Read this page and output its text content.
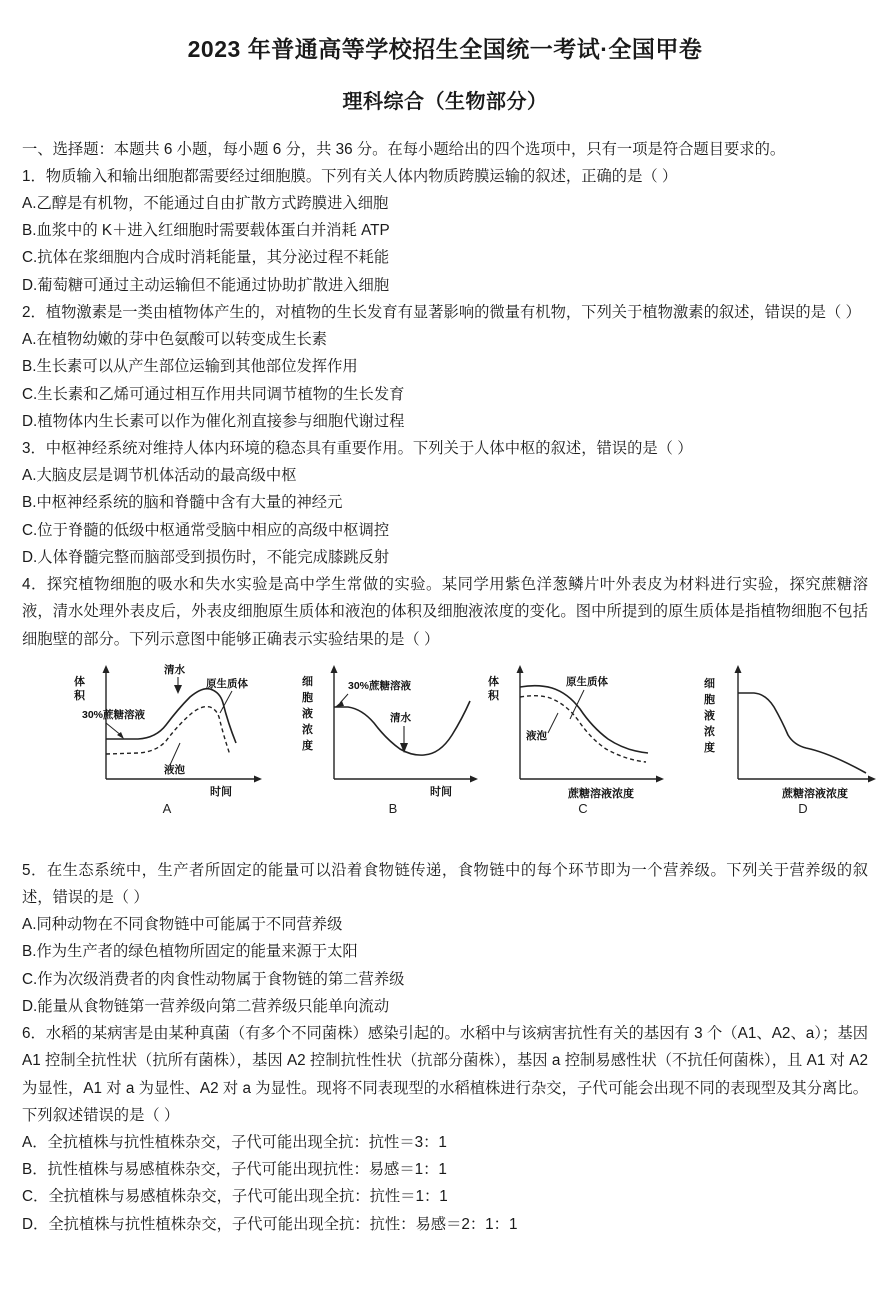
2023 年普通高等学校招生全国统一考试·全国甲卷
理科综合（生物部分）

一、选择题：本题共 6 小题，每小题 6 分，共 36 分。在每小题给出的四个选项中，只有一项是符合题目要求的。

1．物质输入和输出细胞都需要经过细胞膜。下列有关人体内物质跨膜运输的叙述，正确的是（ ）

A.乙醇是有机物，不能通过自由扩散方式跨膜进入细胞

B.血浆中的 K＋进入红细胞时需要载体蛋白并消耗 ATP

C.抗体在浆细胞内合成时消耗能量，其分泌过程不耗能

D.葡萄糖可通过主动运输但不能通过协助扩散进入细胞

2．植物激素是一类由植物体产生的，对植物的生长发育有显著影响的微量有机物，下列关于植物激素的叙述，错误的是（ ）

A.在植物幼嫩的芽中色氨酸可以转变成生长素

B.生长素可以从产生部位运输到其他部位发挥作用

C.生长素和乙烯可通过相互作用共同调节植物的生长发育

D.植物体内生长素可以作为催化剂直接参与细胞代谢过程

3．中枢神经系统对维持人体内环境的稳态具有重要作用。下列关于人体中枢的叙述，错误的是（ ）

A.大脑皮层是调节机体活动的最高级中枢

B.中枢神经系统的脑和脊髓中含有大量的神经元

C.位于脊髓的低级中枢通常受脑中相应的高级中枢调控

D.人体脊髓完整而脑部受到损伤时，不能完成膝跳反射

4．探究植物细胞的吸水和失水实验是高中学生常做的实验。某同学用紫色洋葱鳞片叶外表皮为材料进行实验，探究蔗糖溶液，清水处理外表皮后，外表皮细胞原生质体和液泡的体积及细胞液浓度的变化。图中所提到的原生质体是指植物细胞不包括细胞壁的部分。下列示意图中能够正确表示实验结果的是（ ）

30%蔗糖溶液
清水
原生质体
液泡
体
积
时间
A
30%蔗糖溶液
清水
细
胞
液
浓
度
时间
B
原生质体
液泡
体
积
蔗糖溶液浓度
C
细
胞
液
浓
度
蔗糖溶液浓度
D

5．在生态系统中，生产者所固定的能量可以沿着食物链传递，食物链中的每个环节即为一个营养级。下列关于营养级的叙述，错误的是（ ）

A.同种动物在不同食物链中可能属于不同营养级

B.作为生产者的绿色植物所固定的能量来源于太阳

C.作为次级消费者的肉食性动物属于食物链的第二营养级

D.能量从食物链第一营养级向第二营养级只能单向流动

6．水稻的某病害是由某种真菌（有多个不同菌株）感染引起的。水稻中与该病害抗性有关的基因有 3 个（A1、A2、a）；基因 A1 控制全抗性状（抗所有菌株），基因 A2 控制抗性性状（抗部分菌株），基因 a 控制易感性状（不抗任何菌株），且 A1 对 A2 为显性，A1 对 a 为显性、A2 对 a 为显性。现将不同表现型的水稻植株进行杂交，子代可能会出现不同的表现型及其分离比。下列叙述错误的是（ ）

A．全抗植株与抗性植株杂交，子代可能出现全抗：抗性＝3：1

B．抗性植株与易感植株杂交，子代可能出现抗性：易感＝1：1

C．全抗植株与易感植株杂交，子代可能出现全抗：抗性＝1：1

D．全抗植株与抗性植株杂交，子代可能出现全抗：抗性：易感＝2：1：1
